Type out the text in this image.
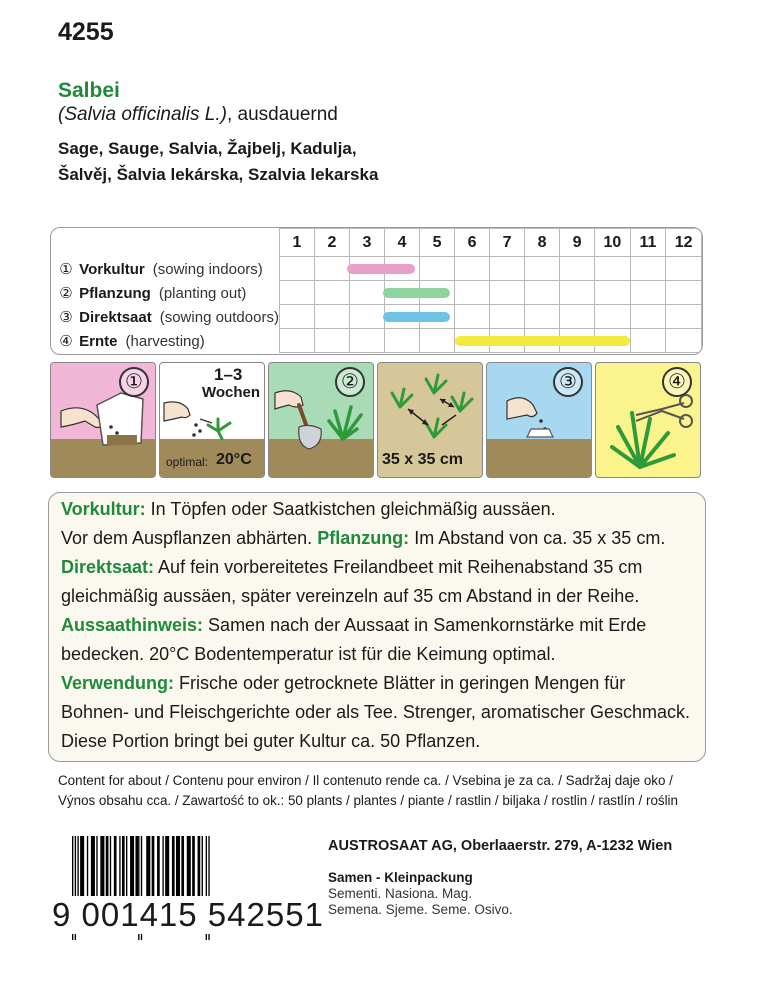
4255
Salbei
(Salvia officinalis L.), ausdauernd
Sage, Sauge, Salvia, Žajbelj, Kadulja,
Šalvěj, Šalvia lekárska, Szalvia lekarska
	1	2	3	4	5	6	7	8	9	10	11	12
① Vorkultur (sowing indoors)												
② Pflanzung (planting out)												
③ Direktsaat (sowing outdoors)												
④ Ernte (harvesting)												
①	1–3
Wochen
optimal: 20°C
②
35 x 35 cm
③	④

Vorkultur: In Töpfen oder Saatkistchen gleichmäßig aussäen.

Vor dem Auspflanzen abhärten. Pflanzung: Im Abstand von ca. 35 x 35 cm.

Direktsaat: Auf fein vorbereitetes Freilandbeet mit Reihenabstand 35 cm

gleichmäßig aussäen, später vereinzeln auf 35 cm Abstand in der Reihe.

Aussaathinweis: Samen nach der Aussaat in Samenkornstärke mit Erde

bedecken. 20°C Bodentemperatur ist für die Keimung optimal.

Verwendung: Frische oder getrocknete Blätter in geringen Mengen für

Bohnen- und Fleischgerichte oder als Tee. Strenger, aromatischer Geschmack.

Diese Portion bringt bei guter Kultur ca. 50 Pflanzen.

Content for about / Contenu pour environ / Il contenuto rende ca. / Vsebina je za ca. / Sadržaj daje oko /
Výnos obsahu cca. / Zawartość to ok.: 50 plants / plantes / piante / rastlin / biljaka / rostlin / rastlín / roślin
9 001415 542551
AUSTROSAAT AG, Oberlaaerstr. 279, A-1232 Wien
Samen - Kleinpackung
Sementi. Nasiona. Mag.
Semena. Sjeme. Seme. Osivo.
